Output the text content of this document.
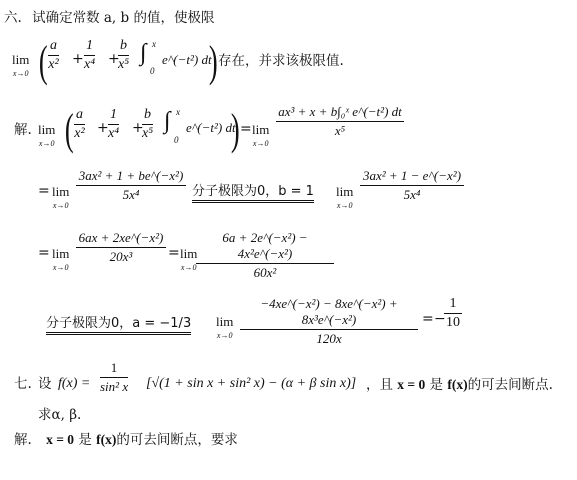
六. 试确定常数 a, b 的值，使极限
lim
x→0 ( a
x² +
1
x⁴ +
b
x⁵ ∫ x
0
e^(−t²) dt
) 存在，并求该极限值.
解. lim
x→0 ( a
x² +
1
x⁴ +
b
x⁵ ∫ x
0
e^(−t²) dt
) = lim
x→0
ax³ + x + b∫₀ˣ e^(−t²) dt
x⁵
= lim
x→0
3ax² + 1 + be^(−x²)
5x⁴	分子极限为0，b = 1 lim
x→0
3ax² + 1 − e^(−x²)
5x⁴
= lim
x→0
6ax + 2xe^(−x²)
20x³	= lim
x→0
6a + 2e^(−x²) − 4x²e^(−x²)
60x²
分子极限为0，a = −1/3 lim
x→0
−4xe^(−x²) − 8xe^(−x²) + 8x³e^(−x²)
120x
= −
1
10
七. 设 f(x) =
1
sin² x [√(1 + sin x + sin² x) − (α + β sin x)] ，且 x = 0 是 f(x)的可去间断点.
求α, β.
解. x = 0 是 f(x)的可去间断点，要求
